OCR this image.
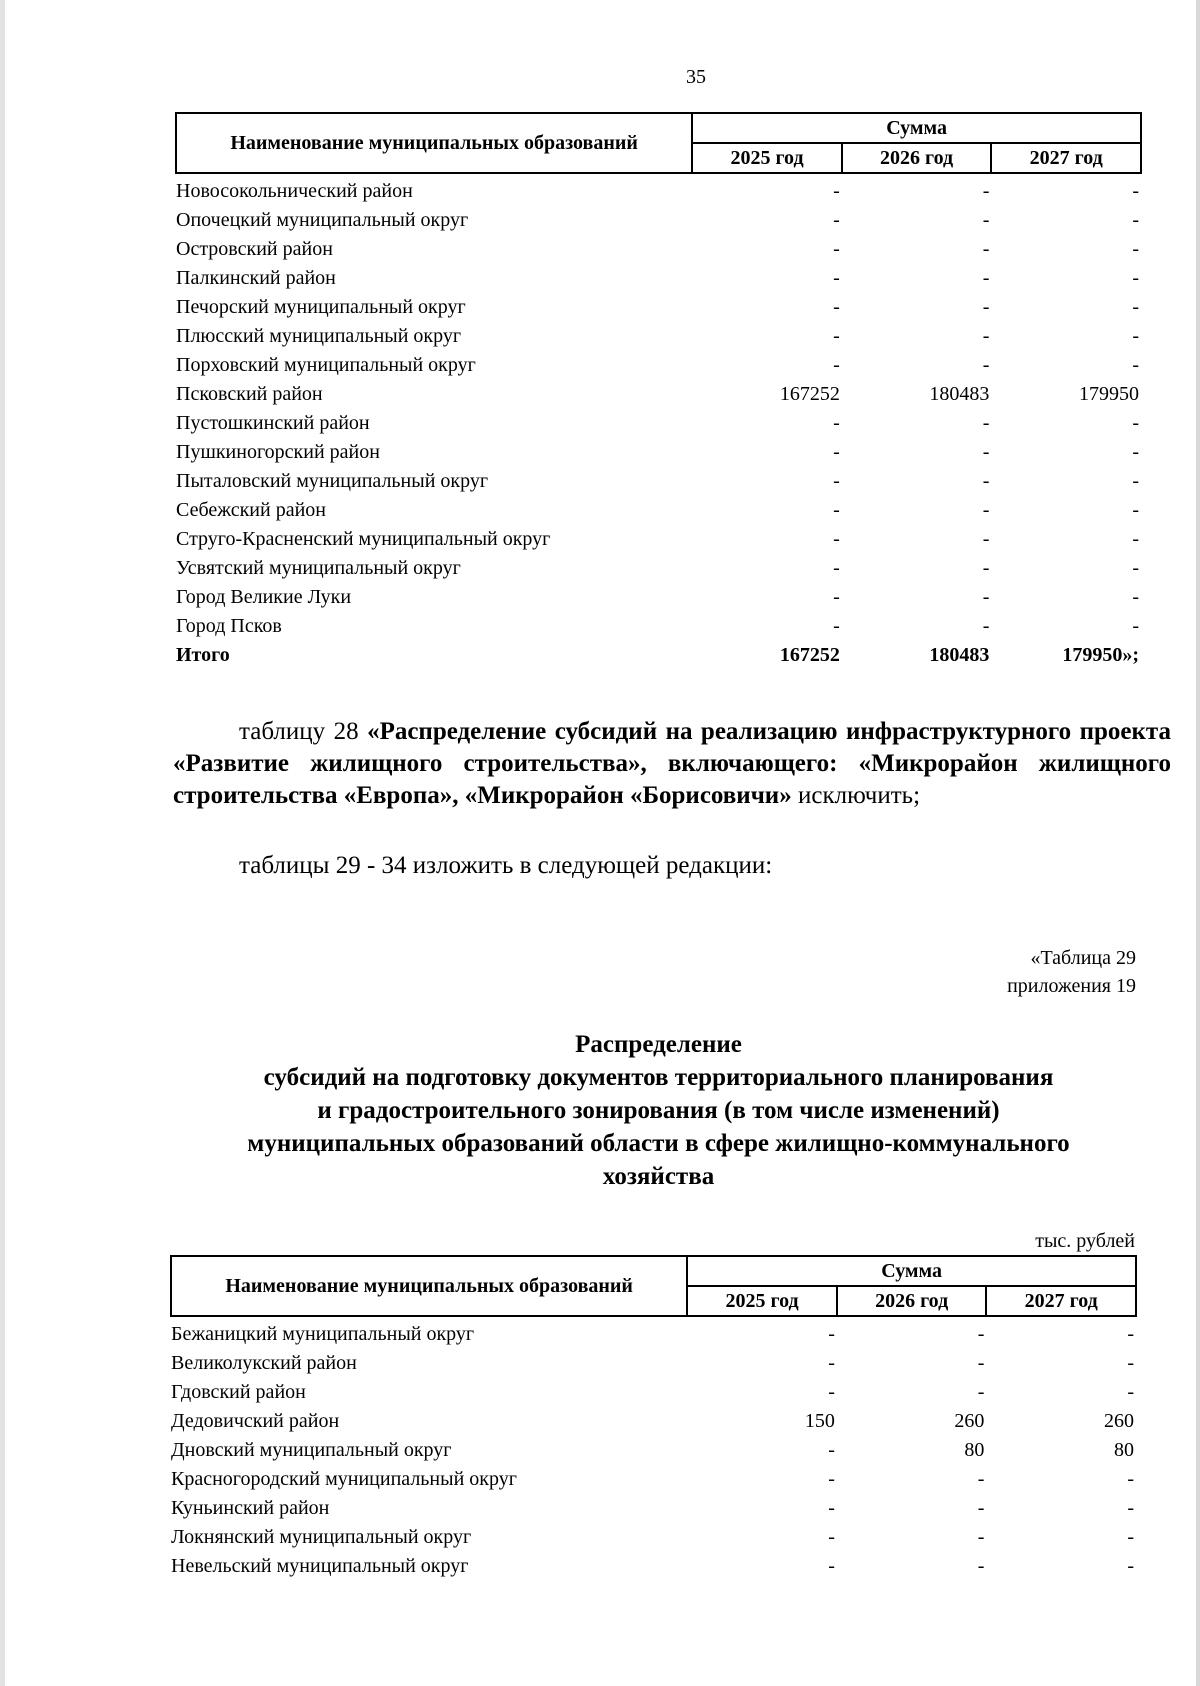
35
Наименование муниципальных образований	Сумма		
	2025 год	2026 год	2027 год
Новосокольнический район	-	-	-
Опочецкий муниципальный округ	-	-	-
Островский район	-	-	-
Палкинский район	-	-	-
Печорский муниципальный округ	-	-	-
Плюсский муниципальный округ	-	-	-
Порховский муниципальный округ	-	-	-
Псковский район	167252	180483	179950
Пустошкинский район	-	-	-
Пушкиногорский район	-	-	-
Пыталовский муниципальный округ	-	-	-
Себежский район	-	-	-
Струго-Красненский муниципальный округ	-	-	-
Усвятский муниципальный округ	-	-	-
Город Великие Луки	-	-	-
Город Псков	-	-	-
Итого	167252	180483	179950»;
таблицу 28 «Распределение субсидий на реализацию инфраструктурного проекта «Развитие жилищного строительства», включающего: «Микрорайон жилищного строительства «Европа», «Микрорайон «Борисовичи» исключить;
таблицы 29 - 34 изложить в следующей редакции:
«Таблица 29
приложения 19
Распределение
субсидий на подготовку документов территориального планирования
и градостроительного зонирования (в том числе изменений)
муниципальных образований области в сфере жилищно-коммунального
хозяйства
тыс. рублей
Наименование муниципальных образований	Сумма		
	2025 год	2026 год	2027 год
Бежаницкий муниципальный округ	-	-	-
Великолукский район	-	-	-
Гдовский район	-	-	-
Дедовичский район	150	260	260
Дновский муниципальный округ	-	80	80
Красногородский муниципальный округ	-	-	-
Куньинский район	-	-	-
Локнянский муниципальный округ	-	-	-
Невельский муниципальный округ	-	-	-
